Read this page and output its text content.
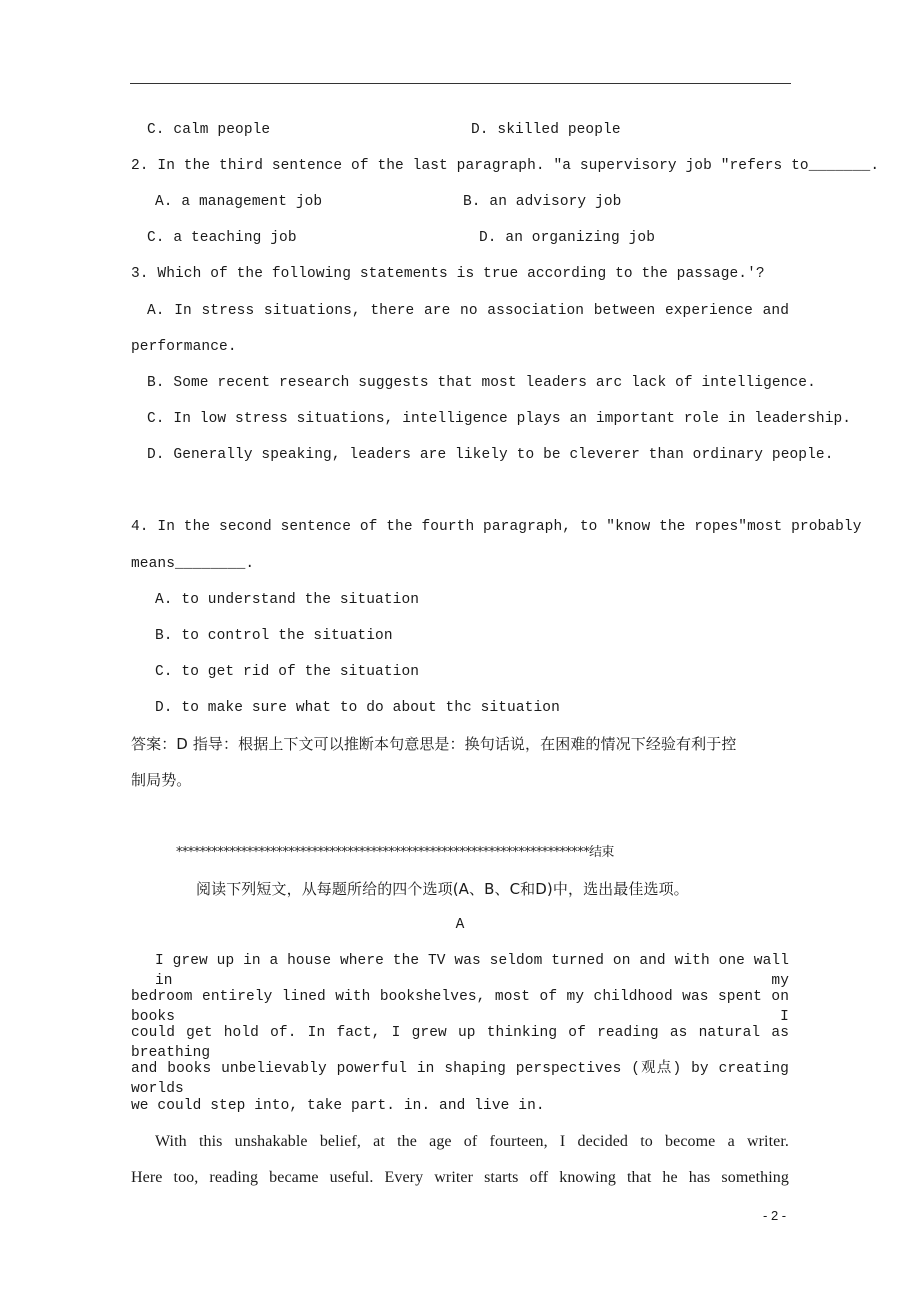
C. calm people	D. skilled people
2. In the third sentence of the last paragraph. ″a supervisory job ″refers to_______.
A. a management job	B. an advisory job
C. a teaching job	D. an organizing job
3. Which of the following statements is true according to the passage.'?
A. In stress situations, there are no association between experience and
performance.
B. Some recent research suggests that most leaders arc lack of intelligence.
C. In low stress situations, intelligence plays an important role in leadership.
D. Generally speaking, leaders are likely to be cleverer than ordinary people.
4. In the second sentence of the fourth paragraph, to ″know the ropes″most probably
means________.
A. to understand the situation
B. to control the situation
C. to get rid of the situation
D. to make sure what to do about thc situation
答案：D 指导：根据上下文可以推断本句意思是：换句话说，在困难的情况下经验有利于控
制局势。
**********************************************************************结束
阅读下列短文，从每题所给的四个选项(A、B、C和D)中，选出最佳选项。
A
I grew up in a house where the TV was seldom turned on and with one wall in my
bedroom entirely lined with bookshelves, most of my childhood was spent on books I
could get hold of. In fact, I grew up thinking of reading as natural as breathing
and books unbelievably powerful in shaping perspectives (观点) by creating worlds
we could step into, take part. in. and live in.
With this unshakable belief, at the age of fourteen, I decided to become a writer.
Here too, reading became useful. Every writer starts off knowing that he has something
- 2 -
